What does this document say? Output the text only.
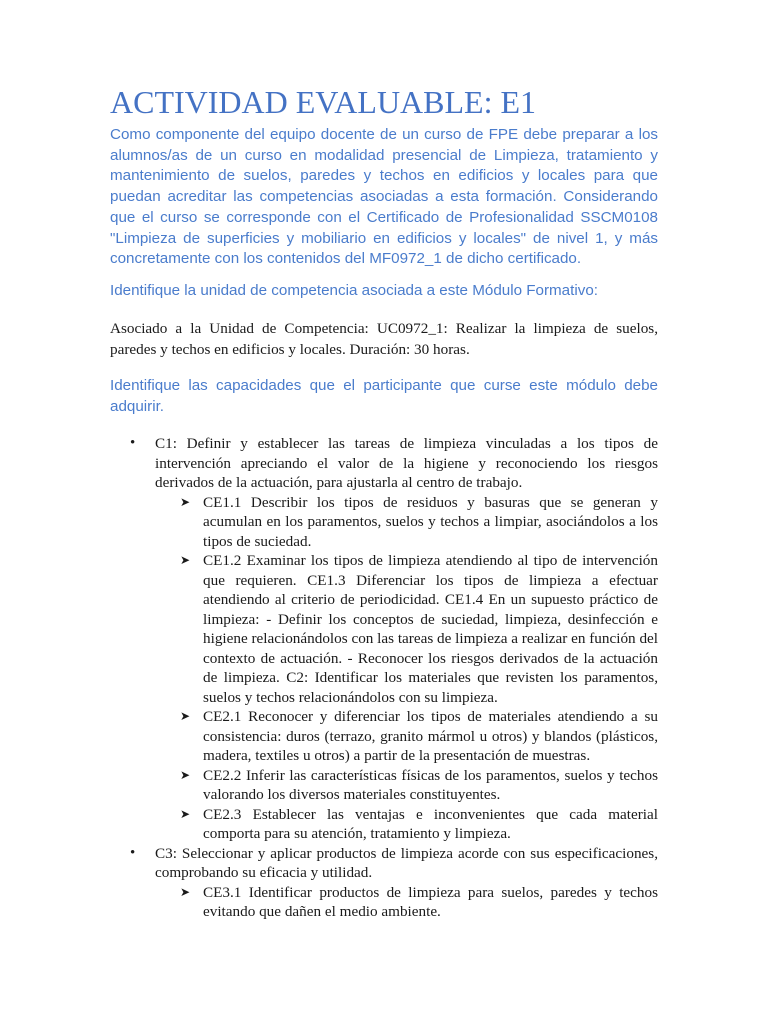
ACTIVIDAD EVALUABLE: E1

Como componente del equipo docente de un curso de FPE debe preparar a los alumnos/as de un curso en modalidad presencial de Limpieza, tratamiento y mantenimiento de suelos, paredes y techos en edificios y locales para que puedan acreditar las competencias asociadas a esta formación. Considerando que el curso se corresponde con el Certificado de Profesionalidad SSCM0108 "Limpieza de superficies y mobiliario en edificios y locales" de nivel 1, y más concretamente con los contenidos del MF0972_1 de dicho certificado.

Identifique la unidad de competencia asociada a este Módulo Formativo:

Asociado a la Unidad de Competencia: UC0972_1: Realizar la limpieza de suelos, paredes y techos en edificios y locales. Duración: 30 horas.

Identifique las capacidades que el participante que curse este módulo debe adquirir.

• C1: Definir y establecer las tareas de limpieza vinculadas a los tipos de intervención apreciando el valor de la higiene y reconociendo los riesgos derivados de la actuación, para ajustarla al centro de trabajo.
➤ CE1.1 Describir los tipos de residuos y basuras que se generan y acumulan en los paramentos, suelos y techos a limpiar, asociándolos a los tipos de suciedad.
➤ CE1.2 Examinar los tipos de limpieza atendiendo al tipo de intervención que requieren. CE1.3 Diferenciar los tipos de limpieza a efectuar atendiendo al criterio de periodicidad. CE1.4 En un supuesto práctico de limpieza: - Definir los conceptos de suciedad, limpieza, desinfección e higiene relacionándolos con las tareas de limpieza a realizar en función del contexto de actuación. - Reconocer los riesgos derivados de la actuación de limpieza. C2: Identificar los materiales que revisten los paramentos, suelos y techos relacionándolos con su limpieza.
➤ CE2.1 Reconocer y diferenciar los tipos de materiales atendiendo a su consistencia: duros (terrazo, granito mármol u otros) y blandos (plásticos, madera, textiles u otros) a partir de la presentación de muestras.
➤ CE2.2 Inferir las características físicas de los paramentos, suelos y techos valorando los diversos materiales constituyentes.
➤ CE2.3 Establecer las ventajas e inconvenientes que cada material comporta para su atención, tratamiento y limpieza.
• C3: Seleccionar y aplicar productos de limpieza acorde con sus especificaciones, comprobando su eficacia y utilidad.
➤ CE3.1 Identificar productos de limpieza para suelos, paredes y techos evitando que dañen el medio ambiente.
